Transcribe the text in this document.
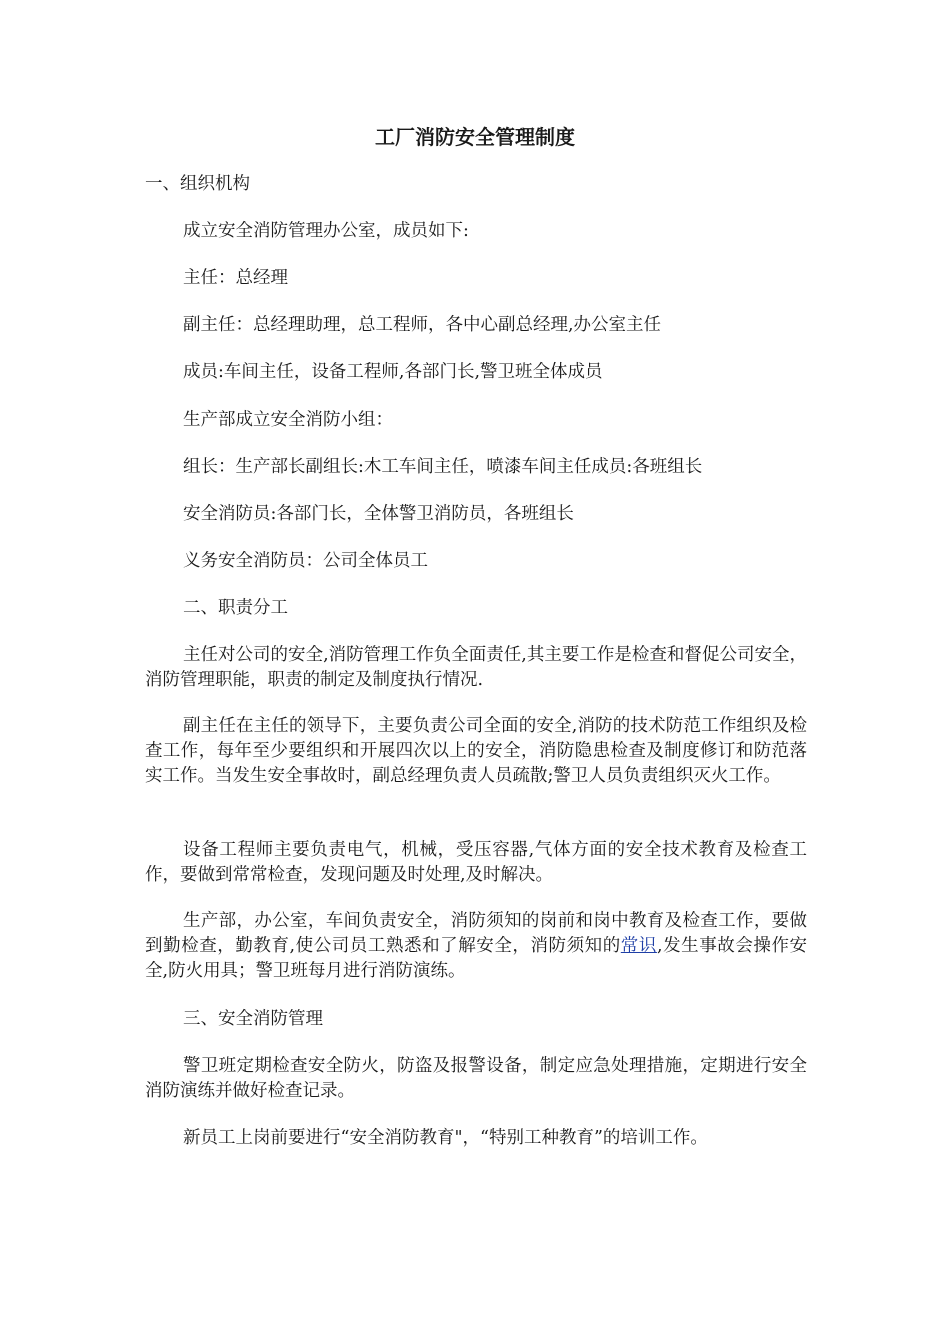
工厂消防安全管理制度

一、组织机构

成立安全消防管理办公室，成员如下:

主任：总经理

副主任：总经理助理，总工程师，各中心副总经理,办公室主任

成员:车间主任，设备工程师,各部门长,警卫班全体成员

生产部成立安全消防小组：

组长：生产部长副组长:木工车间主任，喷漆车间主任成员:各班组长

安全消防员:各部门长，全体警卫消防员，各班组长

义务安全消防员：公司全体员工

二、职责分工

主任对公司的安全,消防管理工作负全面责任,其主要工作是检查和督促公司安全，消防管理职能，职责的制定及制度执行情况.

副主任在主任的领导下，主要负责公司全面的安全,消防的技术防范工作组织及检查工作，每年至少要组织和开展四次以上的安全，消防隐患检查及制度修订和防范落实工作。当发生安全事故时，副总经理负责人员疏散;警卫人员负责组织灭火工作。

设备工程师主要负责电气，机械，受压容器,气体方面的安全技术教育及检查工作，要做到常常检查，发现问题及时处理,及时解决。

生产部，办公室，车间负责安全，消防须知的岗前和岗中教育及检查工作，要做到勤检查，勤教育,使公司员工熟悉和了解安全，消防须知的常识,发生事故会操作安全,防火用具；警卫班每月进行消防演练。

三、安全消防管理

警卫班定期检查安全防火，防盗及报警设备，制定应急处理措施，定期进行安全消防演练并做好检查记录。

新员工上岗前要进行“安全消防教育"，“特别工种教育”的培训工作。
